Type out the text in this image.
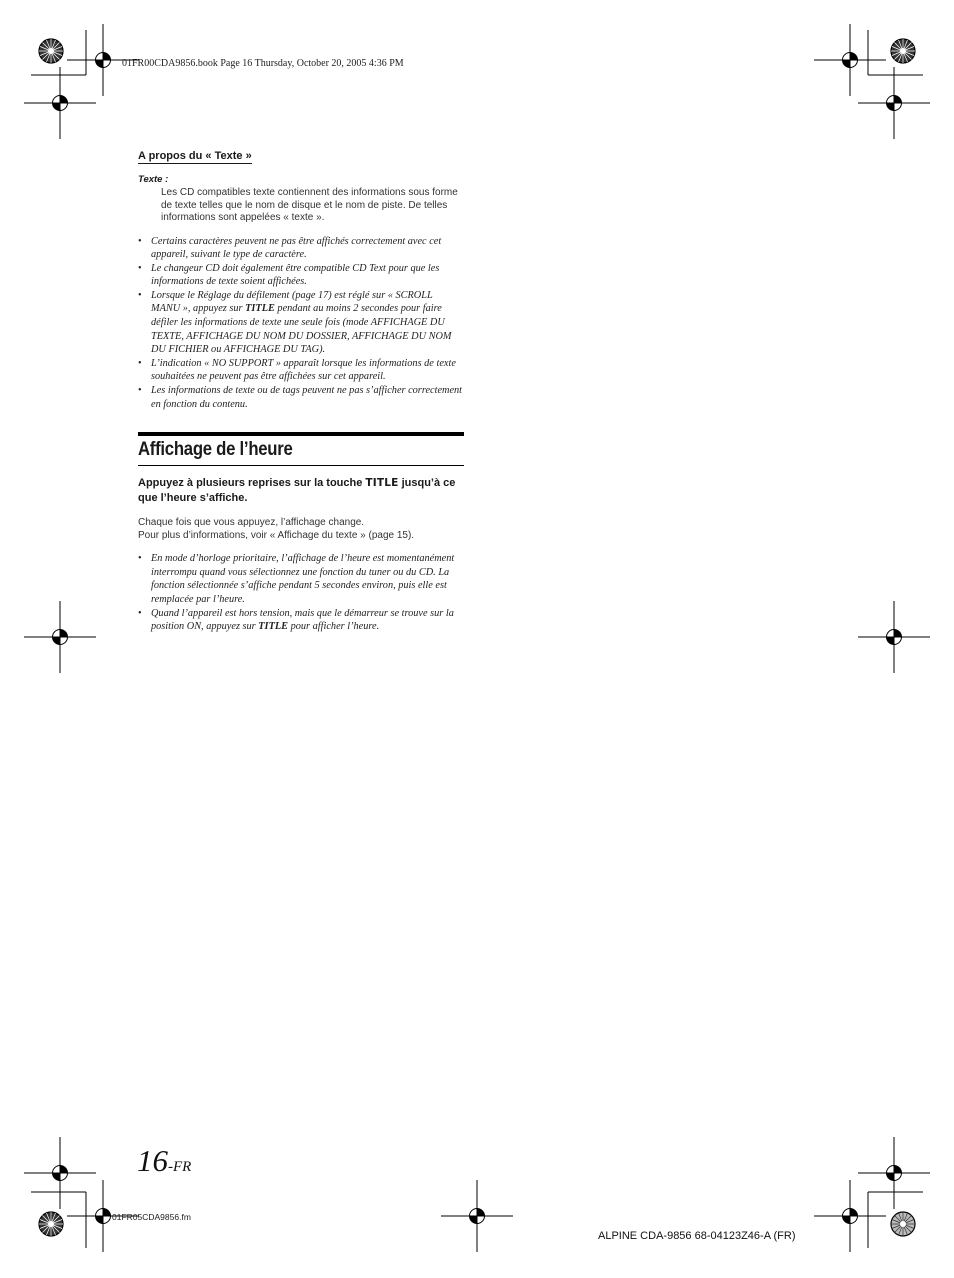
01FR00CDA9856.book Page 16 Thursday, October 20, 2005 4:36 PM

A propos du « Texte »

Texte :

Les CD compatibles texte contiennent des informations sous forme de texte telles que le nom de disque et le nom de piste. De telles informations sont appelées « texte ».

• Certains caractères peuvent ne pas être affichés correctement avec cet appareil, suivant le type de caractère.
• Le changeur CD doit également être compatible CD Text pour que les informations de texte soient affichées.
• Lorsque le Réglage du défilement (page 17) est réglé sur « SCROLL MANU », appuyez sur TITLE pendant au moins 2 secondes pour faire défiler les informations de texte une seule fois (mode AFFICHAGE DU TEXTE, AFFICHAGE DU NOM DU DOSSIER, AFFICHAGE DU NOM DU FICHIER ou AFFICHAGE DU TAG).
• L’indication « NO SUPPORT » apparaît lorsque les informations de texte souhaitées ne peuvent pas être affichées sur cet appareil.
• Les informations de texte ou de tags peuvent ne pas s’afficher correctement en fonction du contenu.
Affichage de l’heure

Appuyez à plusieurs reprises sur la touche TITLE jusqu’à ce que l’heure s’affiche.

Chaque fois que vous appuyez, l’affichage change.
Pour plus d’informations, voir « Affichage du texte » (page 15).

• En mode d’horloge prioritaire, l’affichage de l’heure est momentanément interrompu quand vous sélectionnez une fonction du tuner ou du CD. La fonction sélectionnée s’affiche pendant 5 secondes environ, puis elle est remplacée par l’heure.
• Quand l’appareil est hors tension, mais que le démarreur se trouve sur la position ON, appuyez sur TITLE pour afficher l’heure.
16-FR
01FR05CDA9856.fm
ALPINE CDA-9856 68-04123Z46-A (FR)
